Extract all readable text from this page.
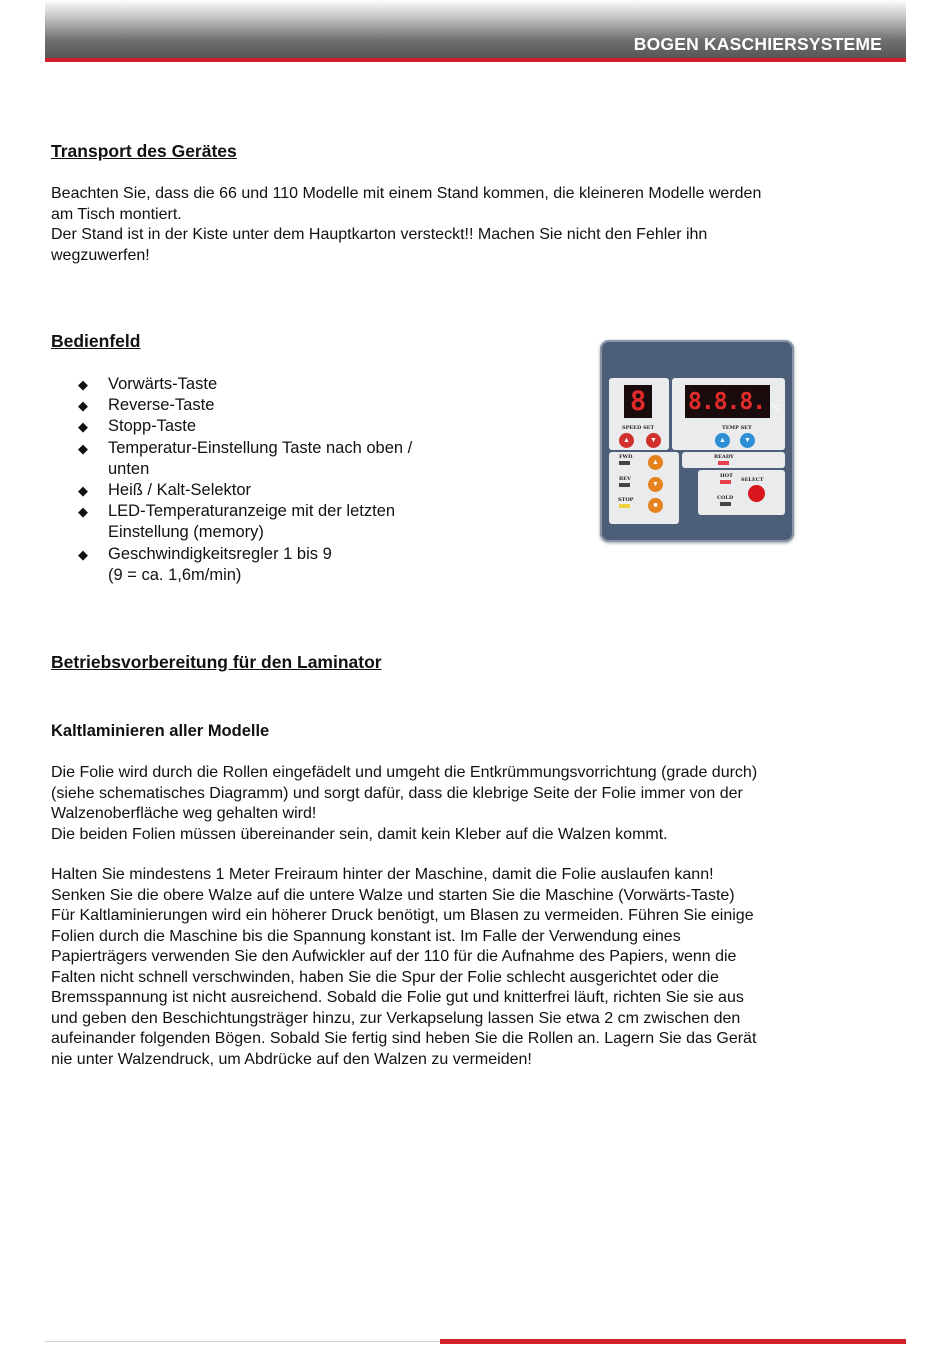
BOGEN KASCHIERSYSTEME
Transport des Gerätes

Beachten Sie, dass die 66 und 110 Modelle mit einem Stand kommen, die kleineren Modelle werden
am Tisch montiert.
Der Stand ist in der Kiste unter dem Hauptkarton versteckt!! Machen Sie nicht den Fehler ihn
wegzuwerfen!

Bedienfeld
◆ Vorwärts-Taste
◆ Reverse-Taste
◆ Stopp-Taste
◆ Temperatur-Einstellung Taste nach oben /
unten
◆ Heiß / Kalt-Selektor
◆ LED-Temperaturanzeige mit der letzten
Einstellung (memory)
◆ Geschwindigkeitsregler 1 bis 9
(9 = ca. 1,6m/min)
8
SPEED SET
▲	▼
8.8.8. °C
TEMP SET
▲	▼
FWD
▲
REV
▼
STOP
■
READY
HOT
SELECT
COLD
Betriebsvorbereitung für den Laminator
Kaltlaminieren aller Modelle

Die Folie wird durch die Rollen eingefädelt und umgeht die Entkrümmungsvorrichtung (grade durch)
(siehe schematisches Diagramm) und sorgt dafür, dass die klebrige Seite der Folie immer von der
Walzenoberfläche weg gehalten wird!
Die beiden Folien müssen übereinander sein, damit kein Kleber auf die Walzen kommt.

Halten Sie mindestens 1 Meter Freiraum hinter der Maschine, damit die Folie auslaufen kann!
Senken Sie die obere Walze auf die untere Walze und starten Sie die Maschine (Vorwärts-Taste)
Für Kaltlaminierungen wird ein höherer Druck benötigt, um Blasen zu vermeiden. Führen Sie einige
Folien durch die Maschine bis die Spannung konstant ist. Im Falle der Verwendung eines
Papierträgers verwenden Sie den Aufwickler auf der 110 für die Aufnahme des Papiers, wenn die
Falten nicht schnell verschwinden, haben Sie die Spur der Folie schlecht ausgerichtet oder die
Bremsspannung ist nicht ausreichend. Sobald die Folie gut und knitterfrei läuft, richten Sie sie aus
und geben den Beschichtungsträger hinzu, zur Verkapselung lassen Sie etwa 2 cm zwischen den
aufeinander folgenden Bögen. Sobald Sie fertig sind heben Sie die Rollen an. Lagern Sie das Gerät
nie unter Walzendruck, um Abdrücke auf den Walzen zu vermeiden!
